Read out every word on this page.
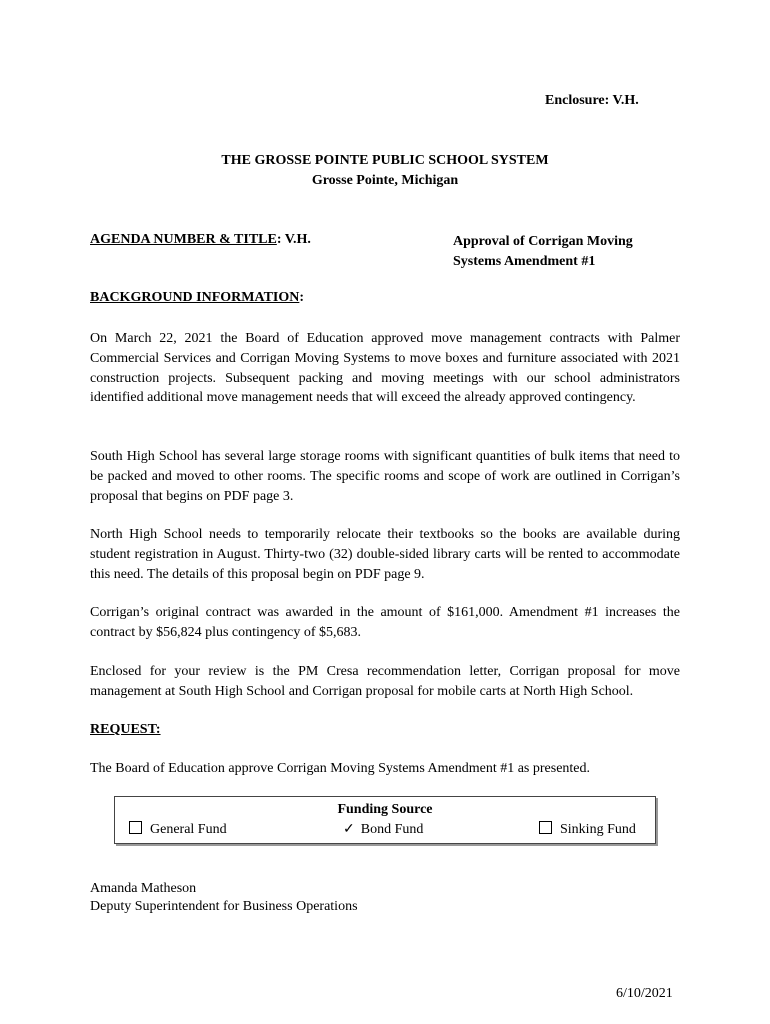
Enclosure: V.H.
THE GROSSE POINTE PUBLIC SCHOOL SYSTEM
Grosse Pointe, Michigan
AGENDA NUMBER & TITLE: V.H.	Approval of Corrigan Moving
Systems Amendment #1
BACKGROUND INFORMATION:

On March 22, 2021 the Board of Education approved move management contracts with Palmer Commercial Services and Corrigan Moving Systems to move boxes and furniture associated with 2021 construction projects. Subsequent packing and moving meetings with our school administrators identified additional move management needs that will exceed the already approved contingency.

South High School has several large storage rooms with significant quantities of bulk items that need to be packed and moved to other rooms. The specific rooms and scope of work are outlined in Corrigan’s proposal that begins on PDF page 3.

North High School needs to temporarily relocate their textbooks so the books are available during student registration in August. Thirty-two (32) double-sided library carts will be rented to accommodate this need. The details of this proposal begin on PDF page 9.

Corrigan’s original contract was awarded in the amount of $161,000. Amendment #1 increases the contract by $56,824 plus contingency of $5,683.

Enclosed for your review is the PM Cresa recommendation letter, Corrigan proposal for move management at South High School and Corrigan proposal for mobile carts at North High School.

REQUEST:
The Board of Education approve Corrigan Moving Systems Amendment #1 as presented.
Funding Source
General Fund	✓ Bond Fund	Sinking Fund
Amanda Matheson
Deputy Superintendent for Business Operations
6/10/2021
